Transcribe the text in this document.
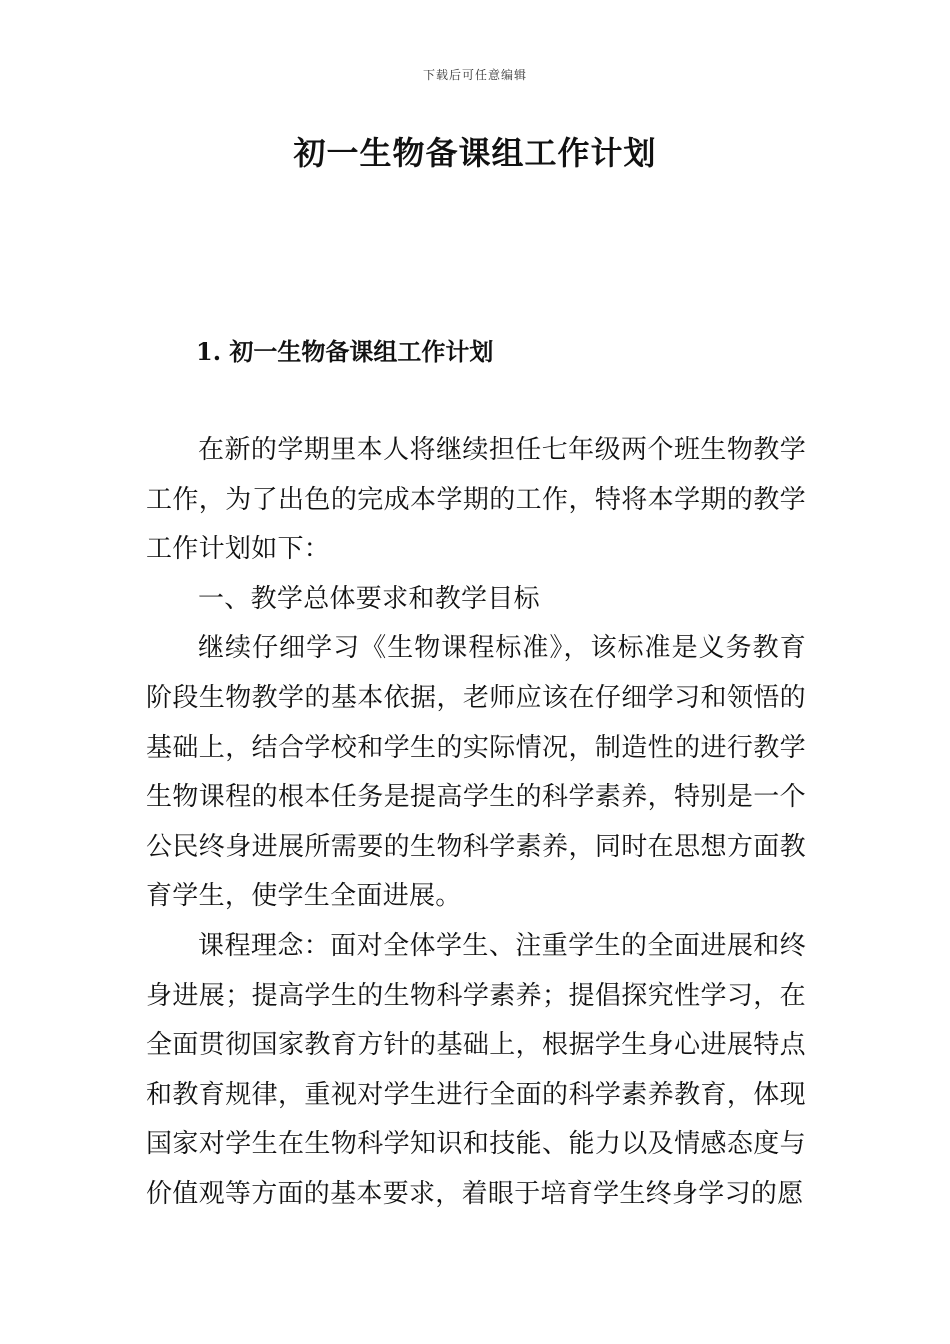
下载后可任意编辑
初一生物备课组工作计划
1. 初一生物备课组工作计划

在新的学期里本人将继续担任七年级两个班生物教学工作，为了出色的完成本学期的工作，特将本学期的教学工作计划如下：

一、教学总体要求和教学目标

继续仔细学习《生物课程标准》，该标准是义务教育阶段生物教学的基本依据，老师应该在仔细学习和领悟的基础上，结合学校和学生的实际情况，制造性的进行教学生物课程的根本任务是提高学生的科学素养，特别是一个公民终身进展所需要的生物科学素养，同时在思想方面教育学生，使学生全面进展。

课程理念：面对全体学生、注重学生的全面进展和终身进展；提高学生的生物科学素养；提倡探究性学习，在全面贯彻国家教育方针的基础上，根据学生身心进展特点和教育规律，重视对学生进行全面的科学素养教育，体现国家对学生在生物科学知识和技能、能力以及情感态度与价值观等方面的基本要求，着眼于培育学生终身学习的愿
